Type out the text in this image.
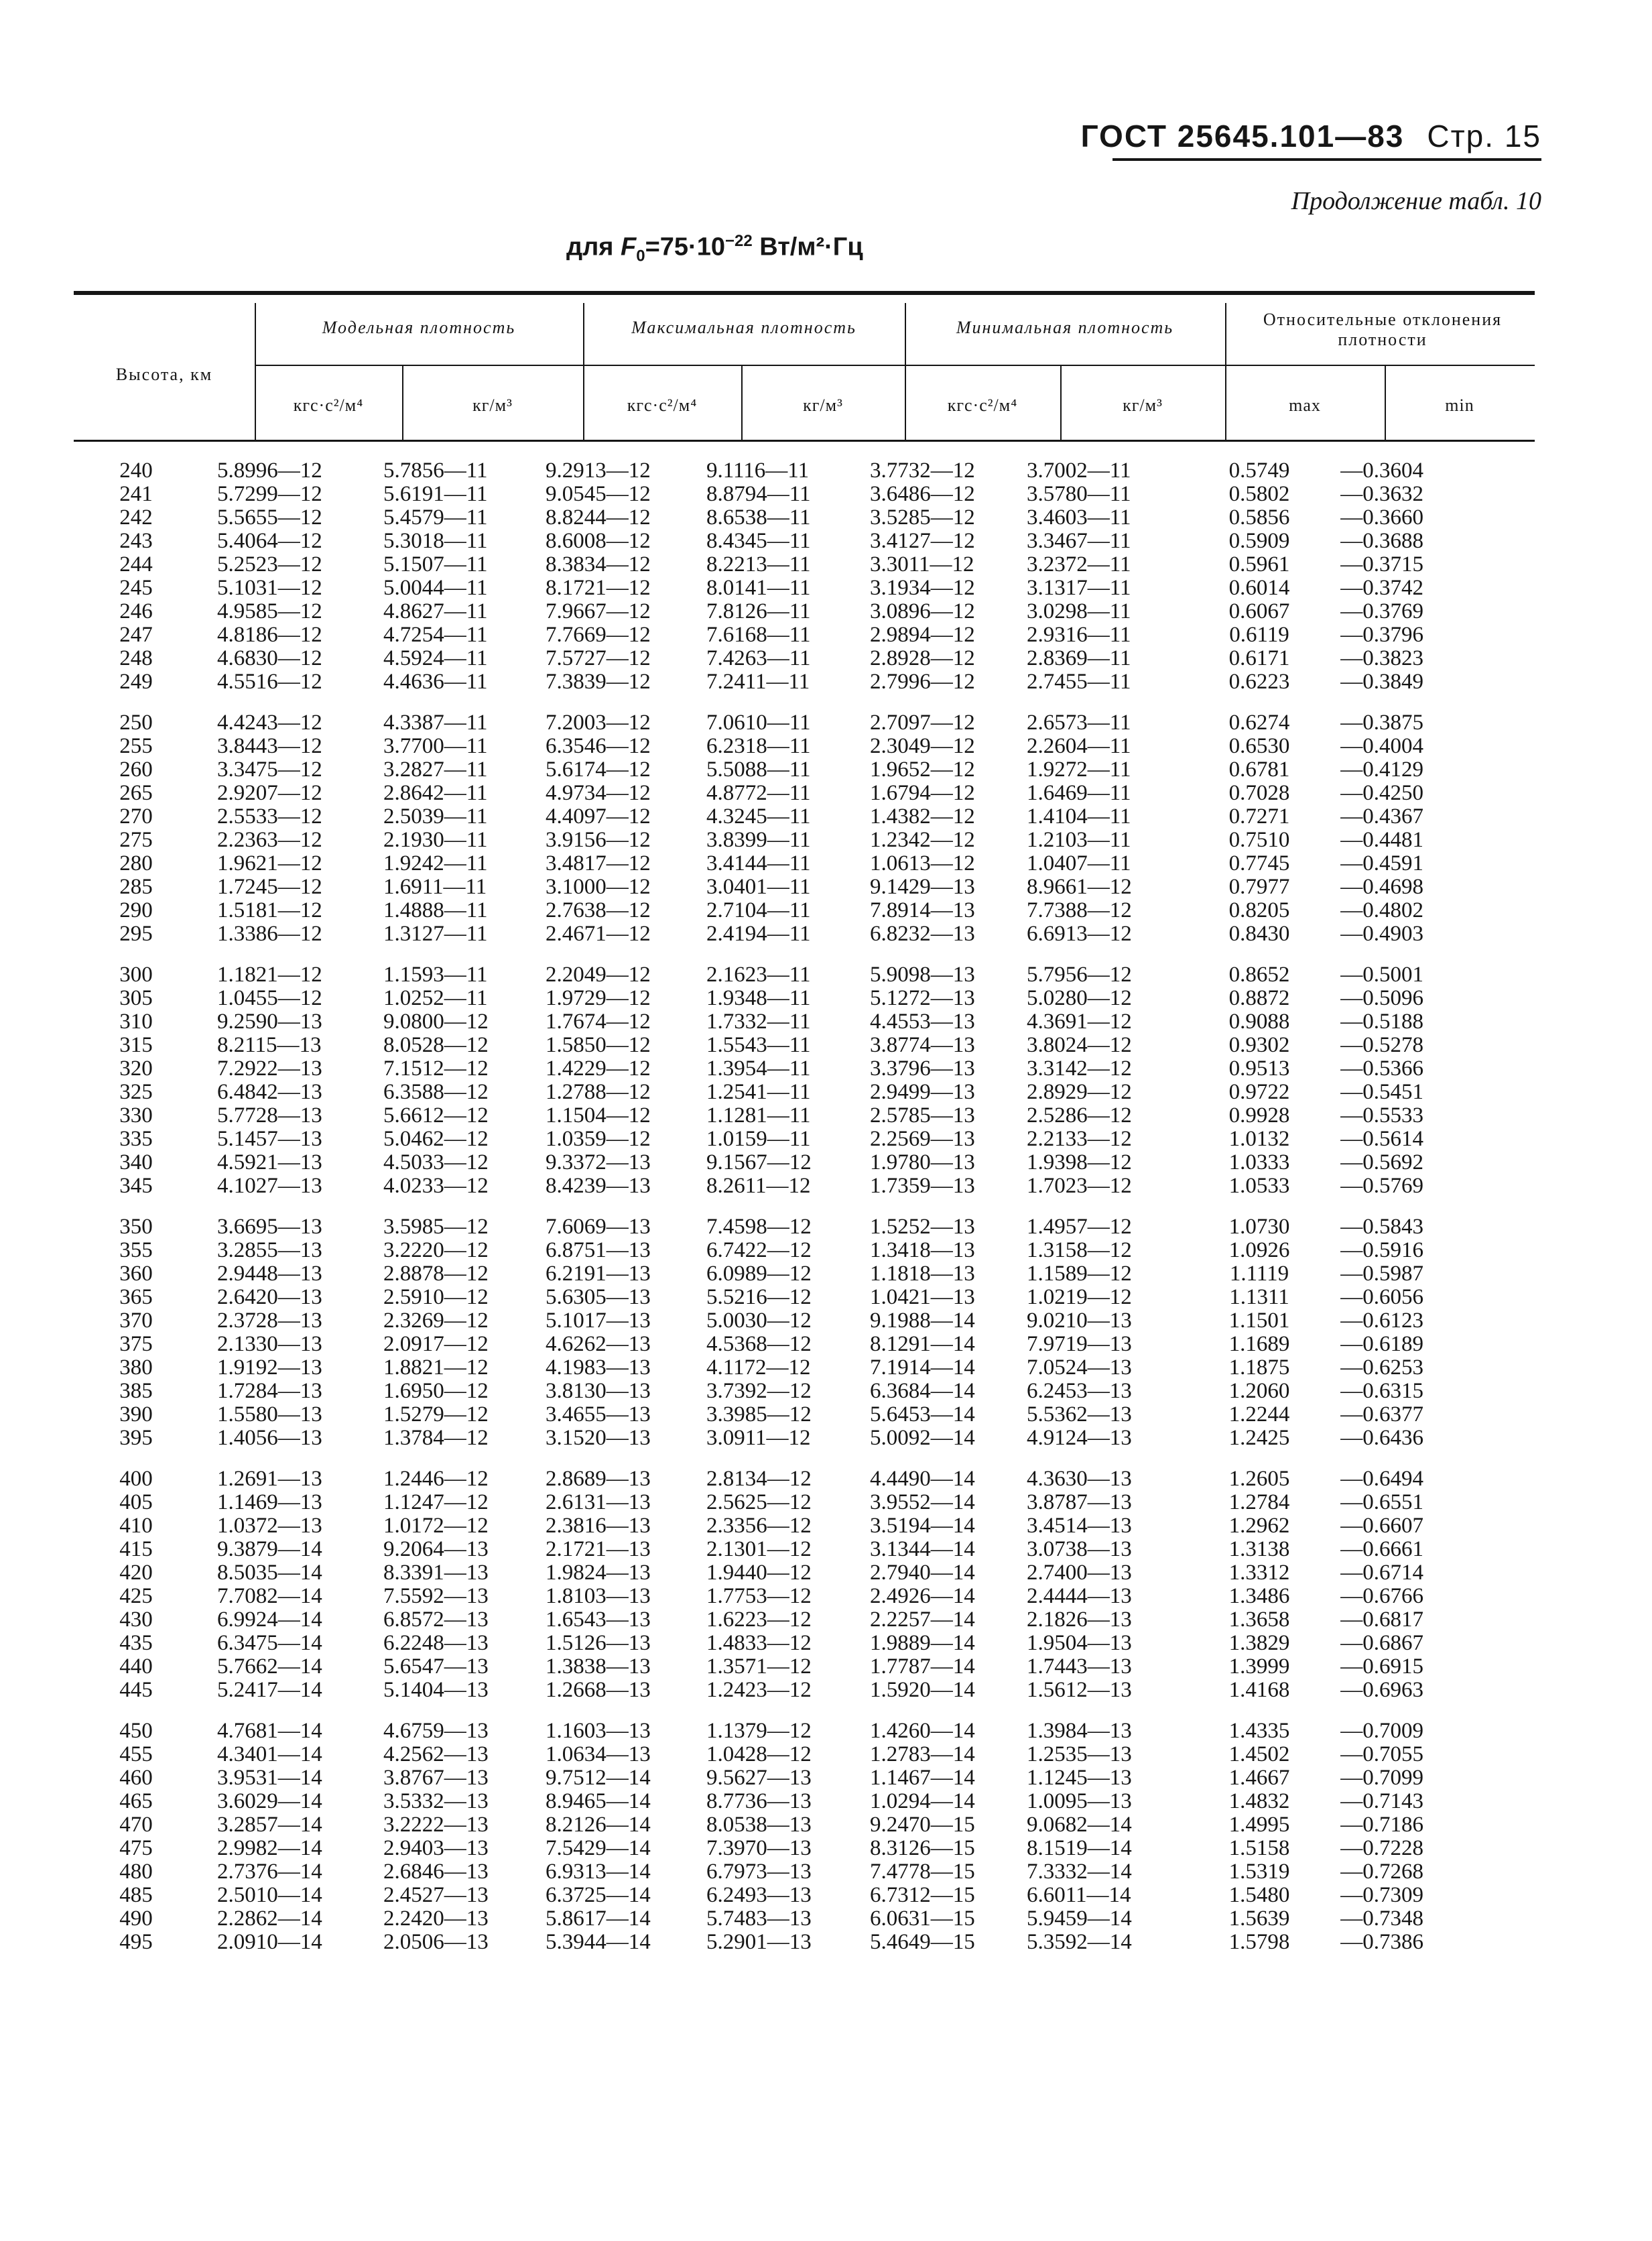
ГОСТ 25645.101—83 Стр. 15
Продолжение табл. 10
для $F_0=75\cdot 10^{-22}$ Вт/м²·Гц
Высота, км
Модельная плотность	Максимальная плотность	Минимальная плотность	Относительные отклонения плотности
кгс·с²/м⁴	кг/м³	кгс·с²/м⁴	кг/м³	кгс·с²/м⁴	кг/м³	max	min
240	5.8996—12	5.7856—11	9.2913—12	9.1116—11	3.7732—12	3.7002—11	0.5749	—0.3604
241	5.7299—12	5.6191—11	9.0545—12	8.8794—11	3.6486—12	3.5780—11	0.5802	—0.3632
242	5.5655—12	5.4579—11	8.8244—12	8.6538—11	3.5285—12	3.4603—11	0.5856	—0.3660
243	5.4064—12	5.3018—11	8.6008—12	8.4345—11	3.4127—12	3.3467—11	0.5909	—0.3688
244	5.2523—12	5.1507—11	8.3834—12	8.2213—11	3.3011—12	3.2372—11	0.5961	—0.3715
245	5.1031—12	5.0044—11	8.1721—12	8.0141—11	3.1934—12	3.1317—11	0.6014	—0.3742
246	4.9585—12	4.8627—11	7.9667—12	7.8126—11	3.0896—12	3.0298—11	0.6067	—0.3769
247	4.8186—12	4.7254—11	7.7669—12	7.6168—11	2.9894—12	2.9316—11	0.6119	—0.3796
248	4.6830—12	4.5924—11	7.5727—12	7.4263—11	2.8928—12	2.8369—11	0.6171	—0.3823
249	4.5516—12	4.4636—11	7.3839—12	7.2411—11	2.7996—12	2.7455—11	0.6223	—0.3849
250	4.4243—12	4.3387—11	7.2003—12	7.0610—11	2.7097—12	2.6573—11	0.6274	—0.3875
255	3.8443—12	3.7700—11	6.3546—12	6.2318—11	2.3049—12	2.2604—11	0.6530	—0.4004
260	3.3475—12	3.2827—11	5.6174—12	5.5088—11	1.9652—12	1.9272—11	0.6781	—0.4129
265	2.9207—12	2.8642—11	4.9734—12	4.8772—11	1.6794—12	1.6469—11	0.7028	—0.4250
270	2.5533—12	2.5039—11	4.4097—12	4.3245—11	1.4382—12	1.4104—11	0.7271	—0.4367
275	2.2363—12	2.1930—11	3.9156—12	3.8399—11	1.2342—12	1.2103—11	0.7510	—0.4481
280	1.9621—12	1.9242—11	3.4817—12	3.4144—11	1.0613—12	1.0407—11	0.7745	—0.4591
285	1.7245—12	1.6911—11	3.1000—12	3.0401—11	9.1429—13	8.9661—12	0.7977	—0.4698
290	1.5181—12	1.4888—11	2.7638—12	2.7104—11	7.8914—13	7.7388—12	0.8205	—0.4802
295	1.3386—12	1.3127—11	2.4671—12	2.4194—11	6.8232—13	6.6913—12	0.8430	—0.4903
300	1.1821—12	1.1593—11	2.2049—12	2.1623—11	5.9098—13	5.7956—12	0.8652	—0.5001
305	1.0455—12	1.0252—11	1.9729—12	1.9348—11	5.1272—13	5.0280—12	0.8872	—0.5096
310	9.2590—13	9.0800—12	1.7674—12	1.7332—11	4.4553—13	4.3691—12	0.9088	—0.5188
315	8.2115—13	8.0528—12	1.5850—12	1.5543—11	3.8774—13	3.8024—12	0.9302	—0.5278
320	7.2922—13	7.1512—12	1.4229—12	1.3954—11	3.3796—13	3.3142—12	0.9513	—0.5366
325	6.4842—13	6.3588—12	1.2788—12	1.2541—11	2.9499—13	2.8929—12	0.9722	—0.5451
330	5.7728—13	5.6612—12	1.1504—12	1.1281—11	2.5785—13	2.5286—12	0.9928	—0.5533
335	5.1457—13	5.0462—12	1.0359—12	1.0159—11	2.2569—13	2.2133—12	1.0132	—0.5614
340	4.5921—13	4.5033—12	9.3372—13	9.1567—12	1.9780—13	1.9398—12	1.0333	—0.5692
345	4.1027—13	4.0233—12	8.4239—13	8.2611—12	1.7359—13	1.7023—12	1.0533	—0.5769
350	3.6695—13	3.5985—12	7.6069—13	7.4598—12	1.5252—13	1.4957—12	1.0730	—0.5843
355	3.2855—13	3.2220—12	6.8751—13	6.7422—12	1.3418—13	1.3158—12	1.0926	—0.5916
360	2.9448—13	2.8878—12	6.2191—13	6.0989—12	1.1818—13	1.1589—12	1.1119	—0.5987
365	2.6420—13	2.5910—12	5.6305—13	5.5216—12	1.0421—13	1.0219—12	1.1311	—0.6056
370	2.3728—13	2.3269—12	5.1017—13	5.0030—12	9.1988—14	9.0210—13	1.1501	—0.6123
375	2.1330—13	2.0917—12	4.6262—13	4.5368—12	8.1291—14	7.9719—13	1.1689	—0.6189
380	1.9192—13	1.8821—12	4.1983—13	4.1172—12	7.1914—14	7.0524—13	1.1875	—0.6253
385	1.7284—13	1.6950—12	3.8130—13	3.7392—12	6.3684—14	6.2453—13	1.2060	—0.6315
390	1.5580—13	1.5279—12	3.4655—13	3.3985—12	5.6453—14	5.5362—13	1.2244	—0.6377
395	1.4056—13	1.3784—12	3.1520—13	3.0911—12	5.0092—14	4.9124—13	1.2425	—0.6436
400	1.2691—13	1.2446—12	2.8689—13	2.8134—12	4.4490—14	4.3630—13	1.2605	—0.6494
405	1.1469—13	1.1247—12	2.6131—13	2.5625—12	3.9552—14	3.8787—13	1.2784	—0.6551
410	1.0372—13	1.0172—12	2.3816—13	2.3356—12	3.5194—14	3.4514—13	1.2962	—0.6607
415	9.3879—14	9.2064—13	2.1721—13	2.1301—12	3.1344—14	3.0738—13	1.3138	—0.6661
420	8.5035—14	8.3391—13	1.9824—13	1.9440—12	2.7940—14	2.7400—13	1.3312	—0.6714
425	7.7082—14	7.5592—13	1.8103—13	1.7753—12	2.4926—14	2.4444—13	1.3486	—0.6766
430	6.9924—14	6.8572—13	1.6543—13	1.6223—12	2.2257—14	2.1826—13	1.3658	—0.6817
435	6.3475—14	6.2248—13	1.5126—13	1.4833—12	1.9889—14	1.9504—13	1.3829	—0.6867
440	5.7662—14	5.6547—13	1.3838—13	1.3571—12	1.7787—14	1.7443—13	1.3999	—0.6915
445	5.2417—14	5.1404—13	1.2668—13	1.2423—12	1.5920—14	1.5612—13	1.4168	—0.6963
450	4.7681—14	4.6759—13	1.1603—13	1.1379—12	1.4260—14	1.3984—13	1.4335	—0.7009
455	4.3401—14	4.2562—13	1.0634—13	1.0428—12	1.2783—14	1.2535—13	1.4502	—0.7055
460	3.9531—14	3.8767—13	9.7512—14	9.5627—13	1.1467—14	1.1245—13	1.4667	—0.7099
465	3.6029—14	3.5332—13	8.9465—14	8.7736—13	1.0294—14	1.0095—13	1.4832	—0.7143
470	3.2857—14	3.2222—13	8.2126—14	8.0538—13	9.2470—15	9.0682—14	1.4995	—0.7186
475	2.9982—14	2.9403—13	7.5429—14	7.3970—13	8.3126—15	8.1519—14	1.5158	—0.7228
480	2.7376—14	2.6846—13	6.9313—14	6.7973—13	7.4778—15	7.3332—14	1.5319	—0.7268
485	2.5010—14	2.4527—13	6.3725—14	6.2493—13	6.7312—15	6.6011—14	1.5480	—0.7309
490	2.2862—14	2.2420—13	5.8617—14	5.7483—13	6.0631—15	5.9459—14	1.5639	—0.7348
495	2.0910—14	2.0506—13	5.3944—14	5.2901—13	5.4649—15	5.3592—14	1.5798	—0.7386
